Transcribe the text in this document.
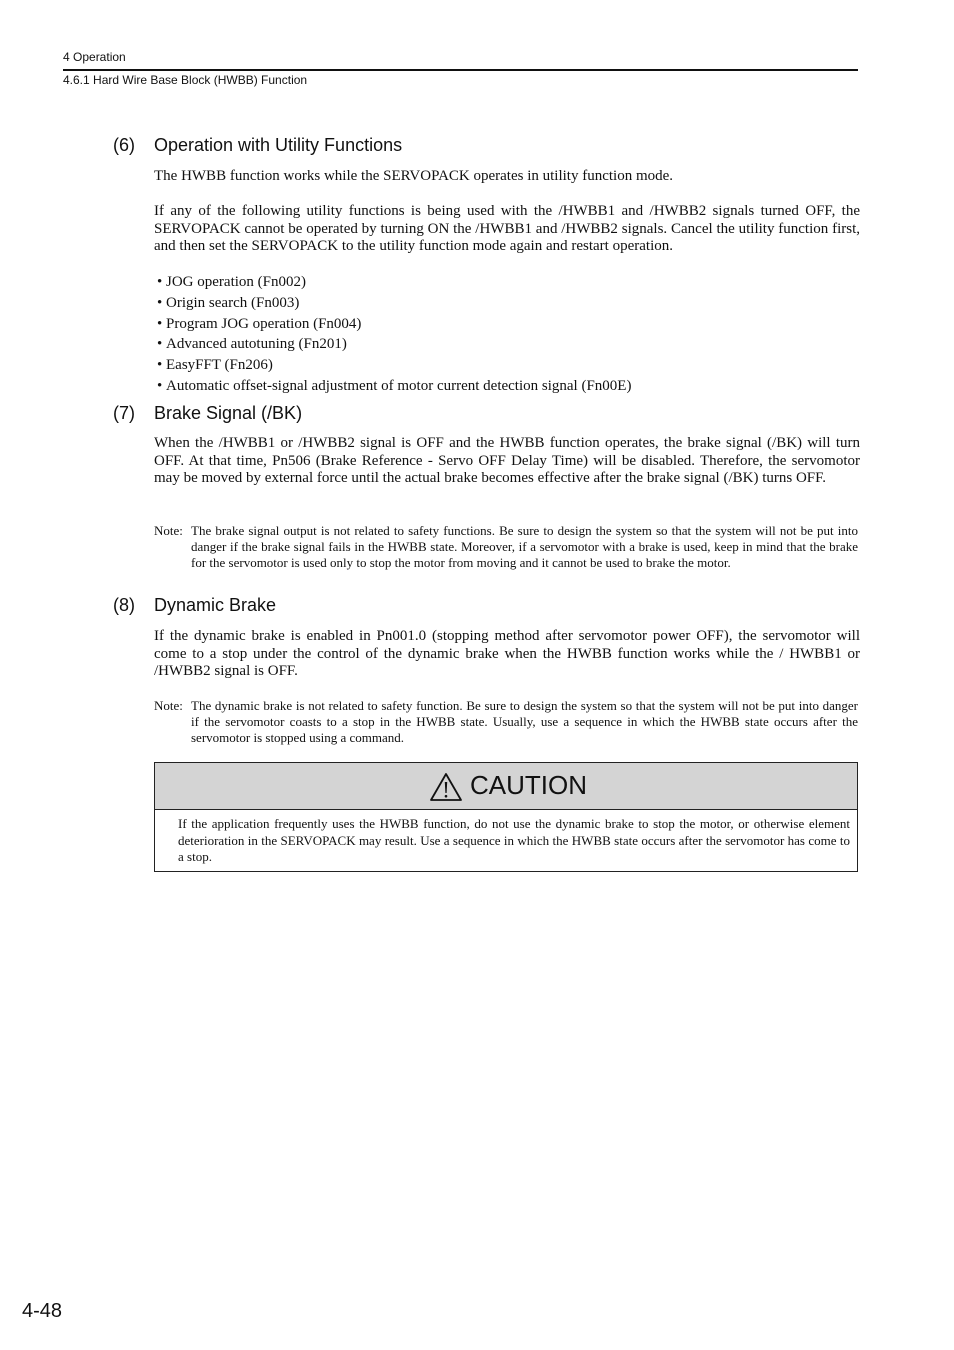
4 Operation
4.6.1 Hard Wire Base Block (HWBB) Function
(6) Operation with Utility Functions
The HWBB function works while the SERVOPACK operates in utility function mode.
If any of the following utility functions is being used with the /HWBB1 and /HWBB2 signals turned OFF, the SERVOPACK cannot be operated by turning ON the /HWBB1 and /HWBB2 signals. Cancel the utility function first, and then set the SERVOPACK to the utility function mode again and restart operation.
• JOG operation (Fn002)
• Origin search (Fn003)
• Program JOG operation (Fn004)
• Advanced autotuning (Fn201)
• EasyFFT (Fn206)
• Automatic offset-signal adjustment of motor current detection signal (Fn00E)
(7) Brake Signal (/BK)
When the /HWBB1 or /HWBB2 signal is OFF and the HWBB function operates, the brake signal (/BK) will turn OFF. At that time, Pn506 (Brake Reference - Servo OFF Delay Time) will be disabled. Therefore, the servomotor may be moved by external force until the actual brake becomes effective after the brake signal (/BK) turns OFF.
Note: The brake signal output is not related to safety functions. Be sure to design the system so that the system will not be put into danger if the brake signal fails in the HWBB state. Moreover, if a servomotor with a brake is used, keep in mind that the brake for the servomotor is used only to stop the motor from moving and it cannot be used to brake the motor.
(8) Dynamic Brake
If the dynamic brake is enabled in Pn001.0 (stopping method after servomotor power OFF), the servomotor will come to a stop under the control of the dynamic brake when the HWBB function works while the / HWBB1 or /HWBB2 signal is OFF.
Note: The dynamic brake is not related to safety function. Be sure to design the system so that the system will not be put into danger if the servomotor coasts to a stop in the HWBB state. Usually, use a sequence in which the HWBB state occurs after the servomotor is stopped using a command.
CAUTION
If the application frequently uses the HWBB function, do not use the dynamic brake to stop the motor, or otherwise element deterioration in the SERVOPACK may result. Use a sequence in which the HWBB state occurs after the servomotor has come to a stop.
4-48
